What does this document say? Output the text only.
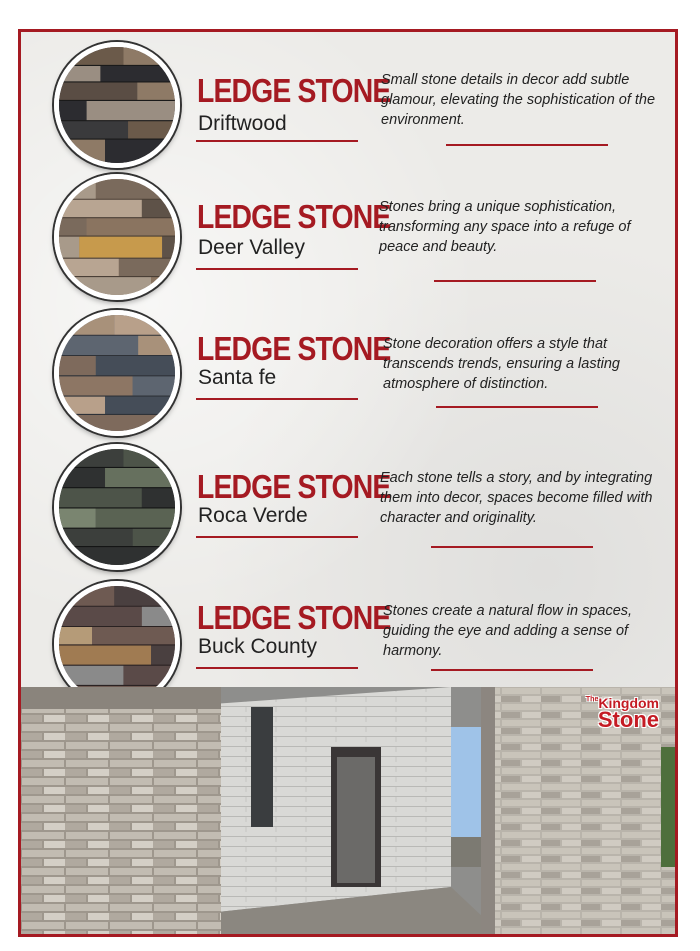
LEDGE STONE
Driftwood
Small stone details in decor add subtle glamour, elevating the sophistication of the environment.
LEDGE STONE
Deer Valley
Stones bring a unique sophistication, transforming any space into a refuge of peace and beauty.
LEDGE STONE
Santa fe
Stone decoration offers a style that transcends trends, ensuring a lasting atmosphere of distinction.
LEDGE STONE
Roca Verde
Each stone tells a story, and by integrating them into decor, spaces become filled with character and originality.
LEDGE STONE
Buck County
Stones create a natural flow in spaces, guiding the eye and adding a sense of harmony.
$^{The}$Kingdom
Stone
